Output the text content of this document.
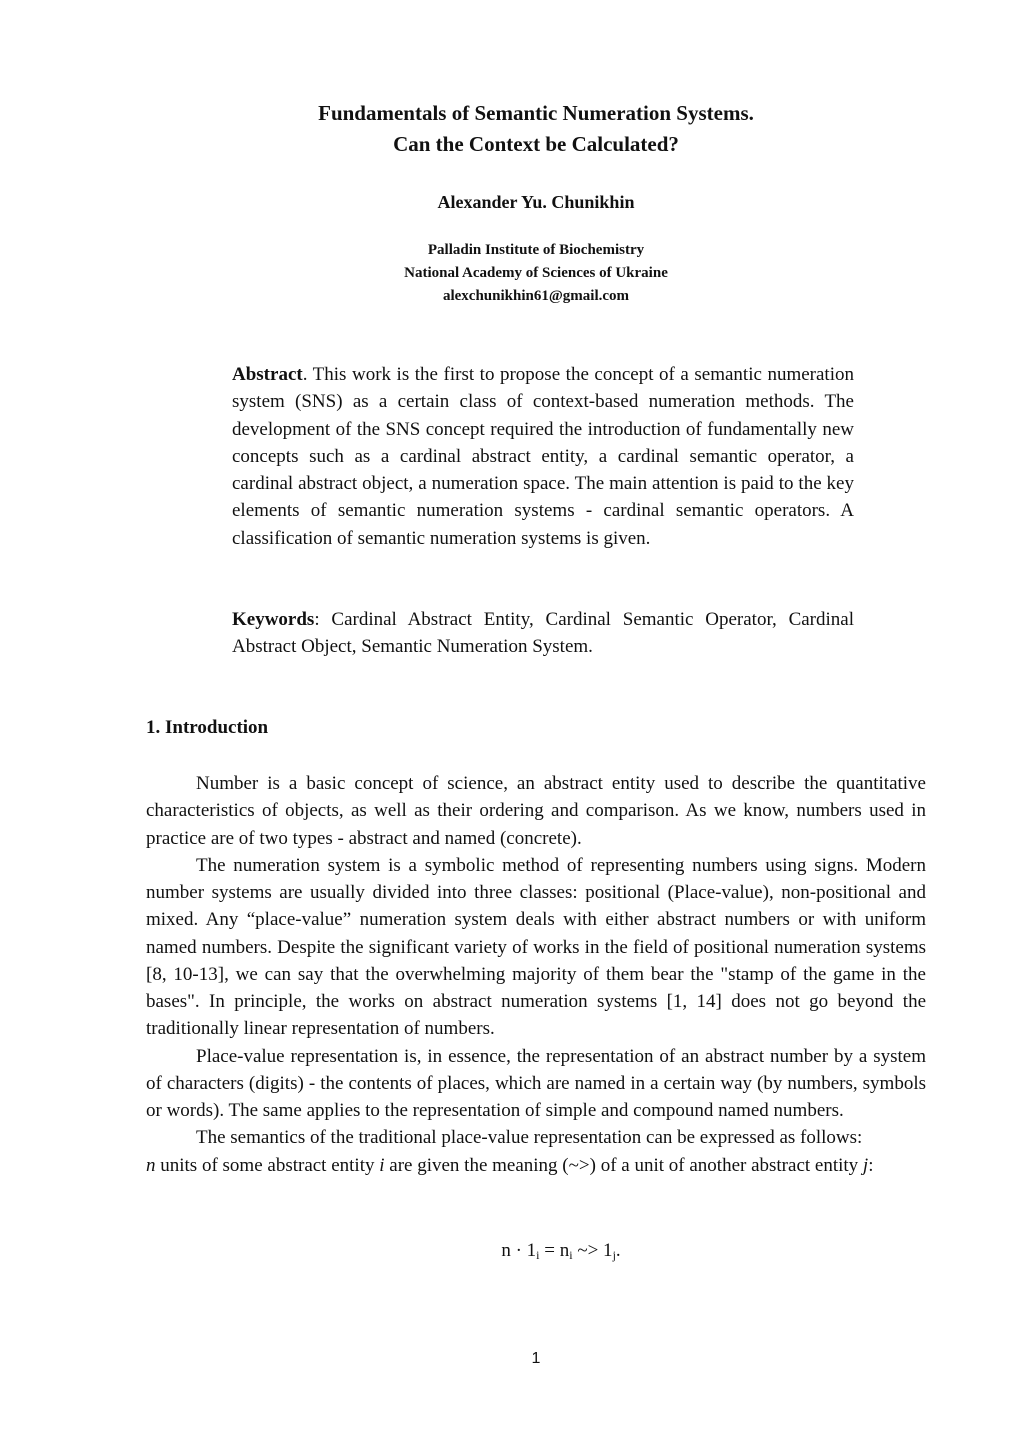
Fundamentals of Semantic Numeration Systems.
Can the Context be Calculated?
Alexander Yu. Chunikhin
Palladin Institute of Biochemistry
National Academy of Sciences of Ukraine
alexchunikhin61@gmail.com
Abstract. This work is the first to propose the concept of a semantic numeration system (SNS) as a certain class of context-based numeration methods. The development of the SNS concept required the introduction of fundamentally new concepts such as a cardinal abstract entity, a cardinal semantic operator, a cardinal abstract object, a numeration space. The main attention is paid to the key elements of semantic numeration systems - cardinal semantic operators. A classification of semantic numeration systems is given.
Keywords: Cardinal Abstract Entity, Cardinal Semantic Operator, Cardinal Abstract Object, Semantic Numeration System.
1. Introduction

Number is a basic concept of science, an abstract entity used to describe the quantitative characteristics of objects, as well as their ordering and comparison. As we know, numbers used in practice are of two types - abstract and named (concrete).

The numeration system is a symbolic method of representing numbers using signs. Modern number systems are usually divided into three classes: positional (Place-value), non-positional and mixed. Any “place-value” numeration system deals with either abstract numbers or with uniform named numbers. Despite the significant variety of works in the field of positional numeration systems [8, 10-13], we can say that the overwhelming majority of them bear the "stamp of the game in the bases". In principle, the works on abstract numeration systems [1, 14] does not go beyond the traditionally linear representation of numbers.

Place-value representation is, in essence, the representation of an abstract number by a system of characters (digits) - the contents of places, which are named in a certain way (by numbers, symbols or words). The same applies to the representation of simple and compound named numbers.

The semantics of the traditional place-value representation can be expressed as follows:

n units of some abstract entity i are given the meaning (~>) of a unit of another abstract entity j:

$n \cdot 1_i = n_i$ ~> $1_j$.
1
